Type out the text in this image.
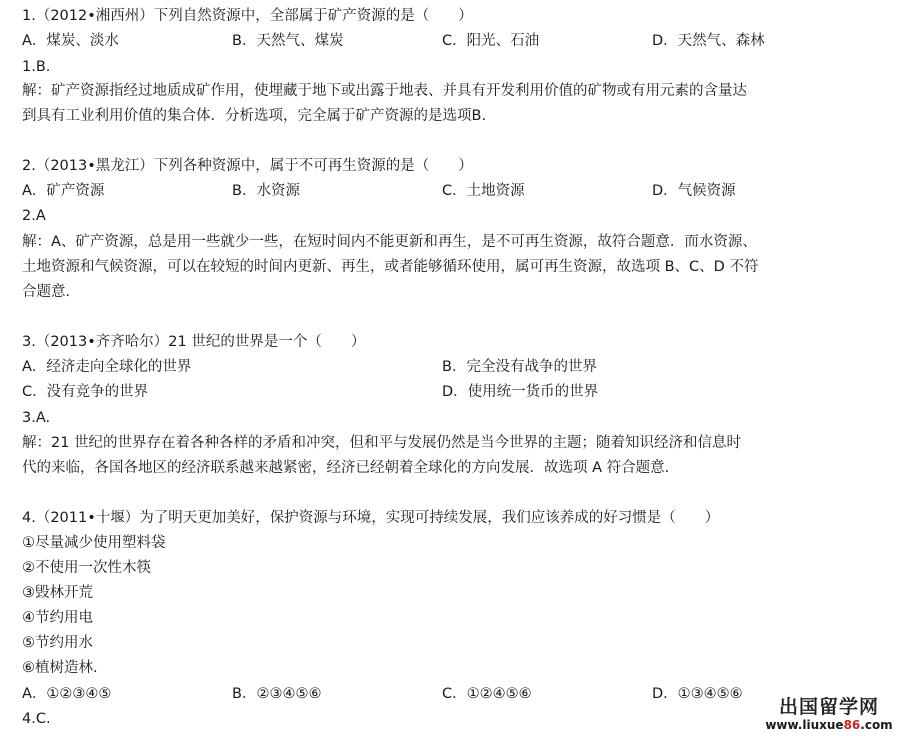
1.（2012•湘西州）下列自然资源中，全部属于矿产资源的是（　　）
A．煤炭、淡水	B．天然气、煤炭	C．阳光、石油	D．天然气、森林
1.B.
解：矿产资源指经过地质成矿作用，使埋藏于地下或出露于地表、并具有开发利用价值的矿物或有用元素的含量达
到具有工业利用价值的集合体．分析选项，完全属于矿产资源的是选项B.
2.（2013•黑龙江）下列各种资源中，属于不可再生资源的是（　　）
A．矿产资源	B．水资源	C．土地资源	D．气候资源
2.A
解：A、矿产资源，总是用一些就少一些，在短时间内不能更新和再生，是不可再生资源，故符合题意．而水资源、
土地资源和气候资源，可以在较短的时间内更新、再生，或者能够循环使用，属可再生资源，故选项 B、C、D 不符
合题意.
3.（2013•齐齐哈尔）21 世纪的世界是一个（　　）
A．经济走向全球化的世界	B．完全没有战争的世界
C．没有竞争的世界	D．使用统一货币的世界
3.A.
解：21 世纪的世界存在着各种各样的矛盾和冲突，但和平与发展仍然是当今世界的主题；随着知识经济和信息时
代的来临，各国各地区的经济联系越来越紧密，经济已经朝着全球化的方向发展．故选项 A 符合题意.
4.（2011•十堰）为了明天更加美好，保护资源与环境，实现可持续发展，我们应该养成的好习惯是（　　）
①尽量减少使用塑料袋
②不使用一次性木筷
③毁林开荒
④节约用电
⑤节约用水
⑥植树造林.
A．①②③④⑤	B．②③④⑤⑥	C．①②④⑤⑥	D．①③④⑤⑥
4.C.
出国留学网
www.liuxue86.com
